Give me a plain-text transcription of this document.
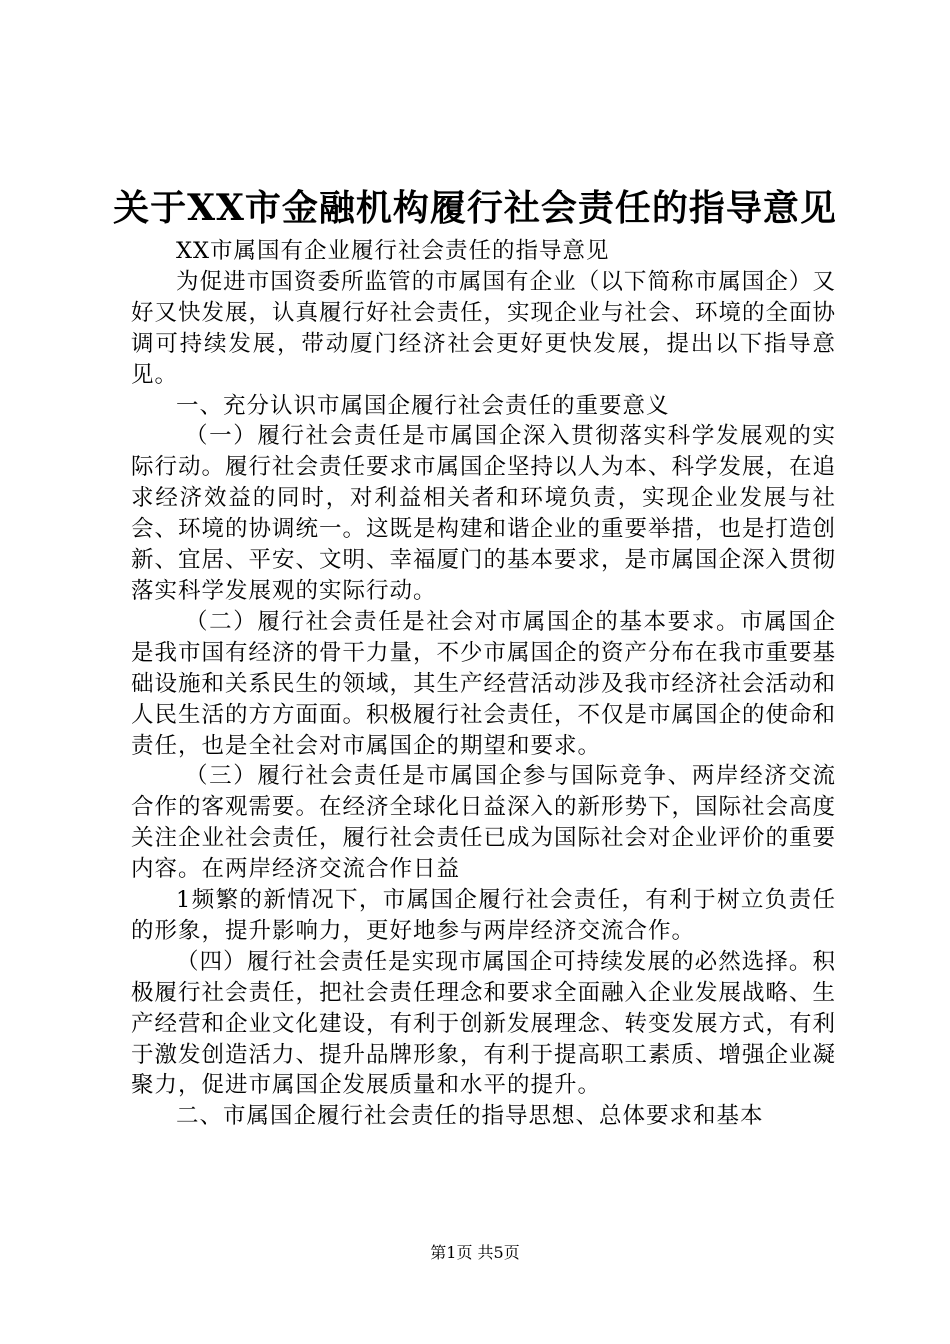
关于XX市金融机构履行社会责任的指导意见

XX市属国有企业履行社会责任的指导意见

为促进市国资委所监管的市属国有企业（以下简称市属国企）又好又快发展，认真履行好社会责任，实现企业与社会、环境的全面协调可持续发展，带动厦门经济社会更好更快发展，提出以下指导意见。

一、充分认识市属国企履行社会责任的重要意义

（一）履行社会责任是市属国企深入贯彻落实科学发展观的实际行动。履行社会责任要求市属国企坚持以人为本、科学发展，在追求经济效益的同时，对利益相关者和环境负责，实现企业发展与社会、环境的协调统一。这既是构建和谐企业的重要举措，也是打造创新、宜居、平安、文明、幸福厦门的基本要求，是市属国企深入贯彻落实科学发展观的实际行动。

（二）履行社会责任是社会对市属国企的基本要求。市属国企是我市国有经济的骨干力量，不少市属国企的资产分布在我市重要基础设施和关系民生的领域，其生产经营活动涉及我市经济社会活动和人民生活的方方面面。积极履行社会责任，不仅是市属国企的使命和责任，也是全社会对市属国企的期望和要求。

（三）履行社会责任是市属国企参与国际竞争、两岸经济交流合作的客观需要。在经济全球化日益深入的新形势下，国际社会高度关注企业社会责任，履行社会责任已成为国际社会对企业评价的重要内容。在两岸经济交流合作日益

1频繁的新情况下，市属国企履行社会责任，有利于树立负责任的形象，提升影响力，更好地参与两岸经济交流合作。

（四）履行社会责任是实现市属国企可持续发展的必然选择。积极履行社会责任，把社会责任理念和要求全面融入企业发展战略、生产经营和企业文化建设，有利于创新发展理念、转变发展方式，有利于激发创造活力、提升品牌形象，有利于提高职工素质、增强企业凝聚力，促进市属国企发展质量和水平的提升。

二、市属国企履行社会责任的指导思想、总体要求和基本

第1页 共5页
